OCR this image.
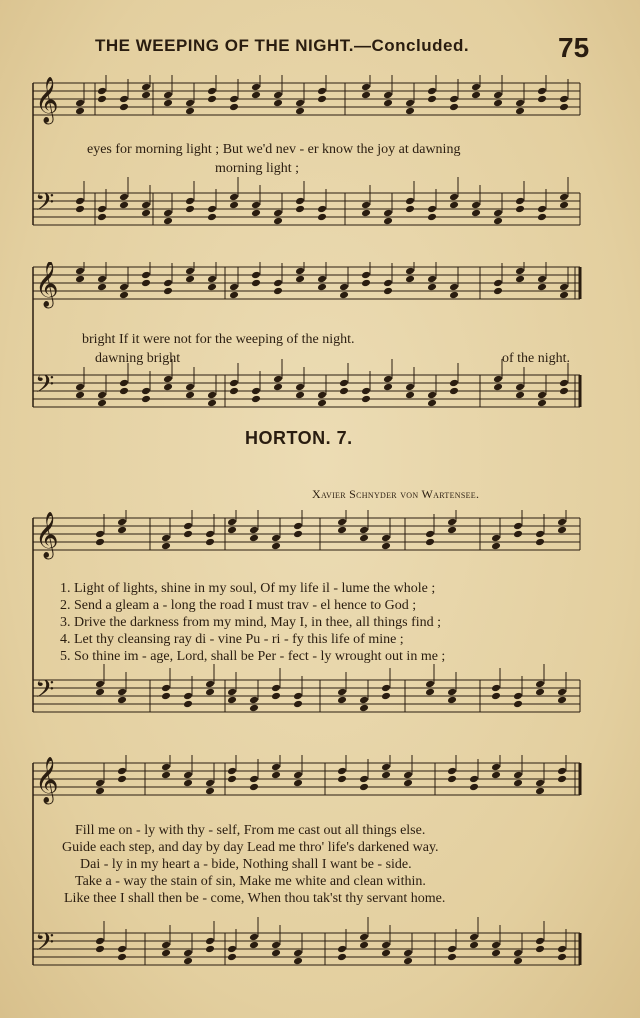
THE WEEPING OF THE NIGHT.—Concluded.	75
𝄞
𝄢
eyes for morning light ; But we'd nev - er know the joy at dawning
morning light ;
𝄞
𝄢
bright If it were not for the weeping of the night.
dawning bright	of the night.
HORTON. 7.
Xavier Schnyder von Wartensee.
𝄞
𝄢
1. Light of lights, shine in my soul, Of my life il - lume the whole ;
2. Send a gleam a - long the road I must trav - el hence to God ;
3. Drive the darkness from my mind, May I, in thee, all things find ;
4. Let thy cleansing ray di - vine Pu - ri - fy this life of mine ;
5. So thine im - age, Lord, shall be Per - fect - ly wrought out in me ;
𝄞
𝄢
Fill me on - ly with thy - self, From me cast out all things else.
Guide each step, and day by day Lead me thro' life's darkened way.
Dai - ly in my heart a - bide, Nothing shall I want be - side.
Take a - way the stain of sin, Make me white and clean within.
Like thee I shall then be - come, When thou tak'st thy servant home.
